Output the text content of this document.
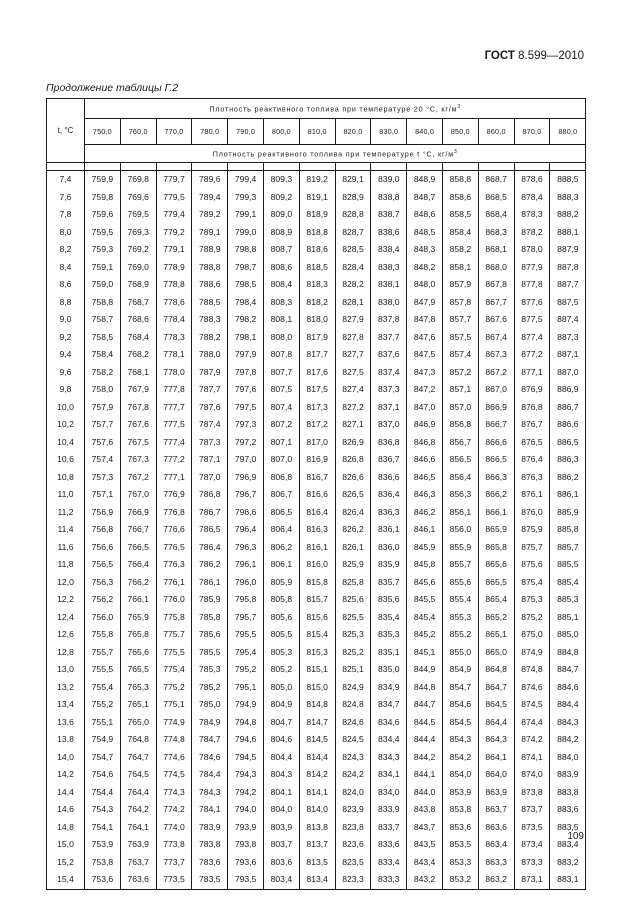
ГОСТ 8.599—2010
Продолжение таблицы Г.2
t, °C	Плотность реактивного топлива при температуре 20 °С, $кг/м^3$
	750,0	760,0	770,0	780,0	790,0	800,0	810,0	820,0	830,0	840,0	850,0	860,0	870,0	880,0
	Плотность реактивного топлива при температуре t °С, $кг/м^3$

7,4	759,9	769,8	779,7	789,6	799,4	809,3	819,2	829,1	839,0	848,9	858,8	868,7	878,6	888,5
7,6	759,8	769,6	779,5	789,4	799,3	809,2	819,1	828,9	838,8	848,7	858,6	868,5	878,4	888,3
7,8	759,6	769,5	779,4	789,2	799,1	809,0	818,9	828,8	838,7	848,6	858,5	868,4	878,3	888,2
8,0	759,5	769,3	779,2	789,1	799,0	808,9	818,8	828,7	838,6	848,5	858,4	868,3	878,2	888,1
8,2	759,3	769,2	779,1	788,9	798,8	808,7	818,6	828,5	838,4	848,3	858,2	868,1	878,0	887,9
8,4	759,1	769,0	778,9	788,8	798,7	808,6	818,5	828,4	838,3	848,2	858,1	868,0	877,9	887,8
8,6	759,0	768,9	778,8	788,6	798,5	808,4	818,3	828,2	838,1	848,0	857,9	867,8	877,8	887,7
8,8	758,8	768,7	778,6	788,5	798,4	808,3	818,2	828,1	838,0	847,9	857,8	867,7	877,6	887,5
9,0	758,7	768,6	778,4	788,3	798,2	808,1	818,0	827,9	837,8	847,8	857,7	867,6	877,5	887,4
9,2	758,5	768,4	778,3	788,2	798,1	808,0	817,9	827,8	837,7	847,6	857,5	867,4	877,4	887,3
9,4	758,4	768,2	778,1	788,0	797,9	807,8	817,7	827,7	837,6	847,5	857,4	867,3	877,2	887,1
9,6	758,2	768,1	778,0	787,9	797,8	807,7	817,6	827,5	837,4	847,3	857,2	867,2	877,1	887,0
9,8	758,0	767,9	777,8	787,7	797,6	807,5	817,5	827,4	837,3	847,2	857,1	867,0	876,9	886,9
10,0	757,9	767,8	777,7	787,6	797,5	807,4	817,3	827,2	837,1	847,0	857,0	866,9	876,8	886,7
10,2	757,7	767,6	777,5	787,4	797,3	807,2	817,2	827,1	837,0	846,9	856,8	866,7	876,7	886,6
10,4	757,6	767,5	777,4	787,3	797,2	807,1	817,0	826,9	836,8	846,8	856,7	866,6	876,5	886,5
10,6	757,4	767,3	777,2	787,1	797,0	807,0	816,9	826,8	836,7	846,6	856,5	866,5	876,4	886,3
10,8	757,3	767,2	777,1	787,0	796,9	806,8	816,7	826,6	836,6	846,5	856,4	866,3	876,3	886,2
11,0	757,1	767,0	776,9	786,8	796,7	806,7	816,6	826,5	836,4	846,3	856,3	866,2	876,1	886,1
11,2	756,9	766,9	776,8	786,7	796,6	806,5	816,4	826,4	836,3	846,2	856,1	866,1	876,0	885,9
11,4	756,8	766,7	776,6	786,5	796,4	806,4	816,3	826,2	836,1	846,1	856,0	865,9	875,9	885,8
11,6	756,6	766,5	776,5	786,4	796,3	806,2	816,1	826,1	836,0	845,9	855,9	865,8	875,7	885,7
11,8	756,5	766,4	776,3	786,2	796,1	806,1	816,0	825,9	835,9	845,8	855,7	865,6	875,6	885,5
12,0	756,3	766,2	776,1	786,1	796,0	805,9	815,8	825,8	835,7	845,6	855,6	865,5	875,4	885,4
12,2	756,2	766,1	776,0	785,9	795,8	805,8	815,7	825,6	835,6	845,5	855,4	865,4	875,3	885,3
12,4	756,0	765,9	775,8	785,8	795,7	805,6	815,6	825,5	835,4	845,4	855,3	865,2	875,2	885,1
12,6	755,8	765,8	775,7	785,6	795,5	805,5	815,4	825,3	835,3	845,2	855,2	865,1	875,0	885,0
12,8	755,7	765,6	775,5	785,5	795,4	805,3	815,3	825,2	835,1	845,1	855,0	865,0	874,9	884,8
13,0	755,5	765,5	775,4	785,3	795,2	805,2	815,1	825,1	835,0	844,9	854,9	864,8	874,8	884,7
13,2	755,4	765,3	775,2	785,2	795,1	805,0	815,0	824,9	834,9	844,8	854,7	864,7	874,6	884,6
13,4	755,2	765,1	775,1	785,0	794,9	804,9	814,8	824,8	834,7	844,7	854,6	864,5	874,5	884,4
13,6	755,1	765,0	774,9	784,9	794,8	804,7	814,7	824,6	834,6	844,5	854,5	864,4	874,4	884,3
13,8	754,9	764,8	774,8	784,7	794,6	804,6	814,5	824,5	834,4	844,4	854,3	864,3	874,2	884,2
14,0	754,7	764,7	774,6	784,6	794,5	804,4	814,4	824,3	834,3	844,2	854,2	864,1	874,1	884,0
14,2	754,6	764,5	774,5	784,4	794,3	804,3	814,2	824,2	834,1	844,1	854,0	864,0	874,0	883,9
14,4	754,4	764,4	774,3	784,3	794,2	804,1	814,1	824,0	834,0	844,0	853,9	863,9	873,8	883,8
14,6	754,3	764,2	774,2	784,1	794,0	804,0	814,0	823,9	833,9	843,8	853,8	863,7	873,7	883,6
14,8	754,1	764,1	774,0	783,9	793,9	803,9	813,8	823,8	833,7	843,7	853,6	863,6	873,5	883,5
15,0	753,9	763,9	773,8	783,8	793,8	803,7	813,7	823,6	833,6	843,5	853,5	863,4	873,4	883,4
15,2	753,8	763,7	773,7	783,6	793,6	803,6	813,5	823,5	833,4	843,4	853,3	863,3	873,3	883,2
15,4	753,6	763,6	773,5	783,5	793,5	803,4	813,4	823,3	833,3	843,2	853,2	863,2	873,1	883,1
109
